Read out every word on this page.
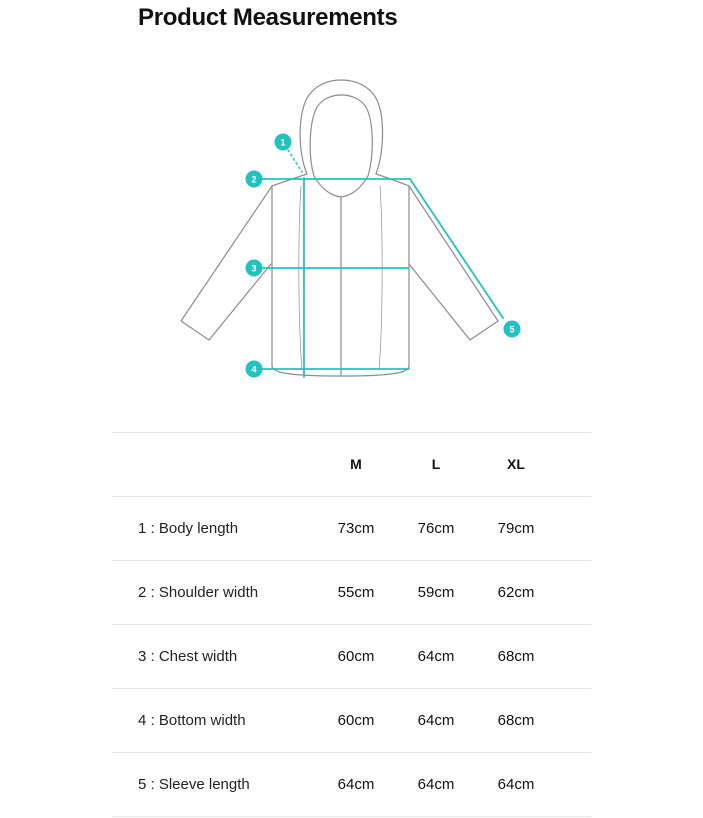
Product Measurements
1
2
3
4
5
M	L	XL
1 : Body length	73cm	76cm	79cm
2 : Shoulder width	55cm	59cm	62cm
3 : Chest width	60cm	64cm	68cm
4 : Bottom width	60cm	64cm	68cm
5 : Sleeve length	64cm	64cm	64cm
